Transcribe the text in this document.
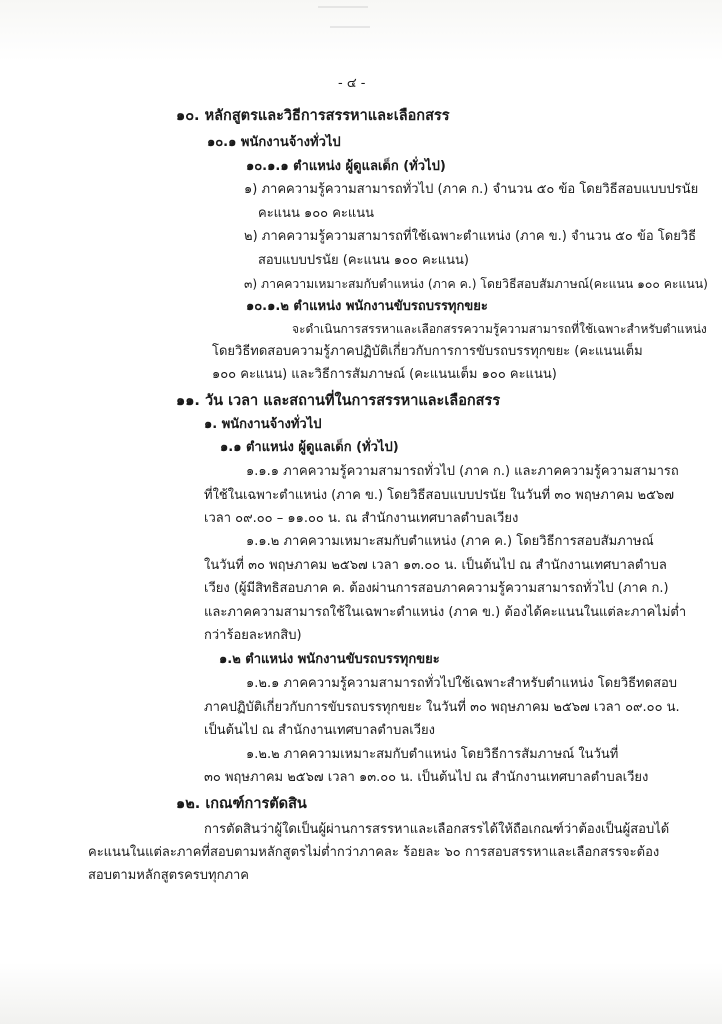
- ๔ -
๑๐. หลักสูตรและวิธีการสรรหาและเลือกสรร
๑๐.๑ พนักงานจ้างทั่วไป
๑๐.๑.๑ ตำแหน่ง ผู้ดูแลเด็ก (ทั่วไป)
๑) ภาคความรู้ความสามารถทั่วไป (ภาค ก.) จำนวน ๕๐ ข้อ โดยวิธีสอบแบบปรนัย
คะแนน ๑๐๐ คะแนน
๒) ภาคความรู้ความสามารถที่ใช้เฉพาะตำแหน่ง (ภาค ข.) จำนวน ๕๐ ข้อ โดยวิธี
สอบแบบปรนัย (คะแนน ๑๐๐ คะแนน)
๓) ภาคความเหมาะสมกับตำแหน่ง (ภาค ค.) โดยวิธีสอบสัมภาษณ์(คะแนน ๑๐๐ คะแนน)
๑๐.๑.๒ ตำแหน่ง พนักงานขับรถบรรทุกขยะ
จะดำเนินการสรรหาและเลือกสรรความรู้ความสามารถที่ใช้เฉพาะสำหรับตำแหน่ง
โดยวิธีทดสอบความรู้ภาคปฏิบัติเกี่ยวกับการการขับรถบรรทุกขยะ (คะแนนเต็ม
๑๐๐ คะแนน) และวิธีการสัมภาษณ์ (คะแนนเต็ม ๑๐๐ คะแนน)
๑๑. วัน เวลา และสถานที่ในการสรรหาและเลือกสรร
๑. พนักงานจ้างทั่วไป
๑.๑ ตำแหน่ง ผู้ดูแลเด็ก (ทั่วไป)
๑.๑.๑ ภาคความรู้ความสามารถทั่วไป (ภาค ก.) และภาคความรู้ความสามารถ
ที่ใช้ในเฉพาะตำแหน่ง (ภาค ข.) โดยวิธีสอบแบบปรนัย ในวันที่ ๓๐ พฤษภาคม ๒๕๖๗
เวลา ๐๙.๐๐ – ๑๑.๐๐ น. ณ สำนักงานเทศบาลตำบลเวียง
๑.๑.๒ ภาคความเหมาะสมกับตำแหน่ง (ภาค ค.) โดยวิธีการสอบสัมภาษณ์
ในวันที่ ๓๐ พฤษภาคม ๒๕๖๗ เวลา ๑๓.๐๐ น. เป็นต้นไป ณ สำนักงานเทศบาลตำบล
เวียง (ผู้มีสิทธิสอบภาค ค. ต้องผ่านการสอบภาคความรู้ความสามารถทั่วไป (ภาค ก.)
และภาคความสามารถใช้ในเฉพาะตำแหน่ง (ภาค ข.) ต้องได้คะแนนในแต่ละภาคไม่ต่ำ
กว่าร้อยละหกสิบ)
๑.๒ ตำแหน่ง พนักงานขับรถบรรทุกขยะ
๑.๒.๑ ภาคความรู้ความสามารถทั่วไปใช้เฉพาะสำหรับตำแหน่ง โดยวิธีทดสอบ
ภาคปฏิบัติเกี่ยวกับการขับรถบรรทุกขยะ ในวันที่ ๓๐ พฤษภาคม ๒๕๖๗ เวลา ๐๙.๐๐ น.
เป็นต้นไป ณ สำนักงานเทศบาลตำบลเวียง
๑.๒.๒ ภาคความเหมาะสมกับตำแหน่ง โดยวิธีการสัมภาษณ์ ในวันที่
๓๐ พฤษภาคม ๒๕๖๗ เวลา ๑๓.๐๐ น. เป็นต้นไป ณ สำนักงานเทศบาลตำบลเวียง
๑๒. เกณฑ์การตัดสิน
การตัดสินว่าผู้ใดเป็นผู้ผ่านการสรรหาและเลือกสรรได้ให้ถือเกณฑ์ว่าต้องเป็นผู้สอบได้
คะแนนในแต่ละภาคที่สอบตามหลักสูตรไม่ต่ำกว่าภาคละ ร้อยละ ๖๐ การสอบสรรหาและเลือกสรรจะต้อง
สอบตามหลักสูตรครบทุกภาค
